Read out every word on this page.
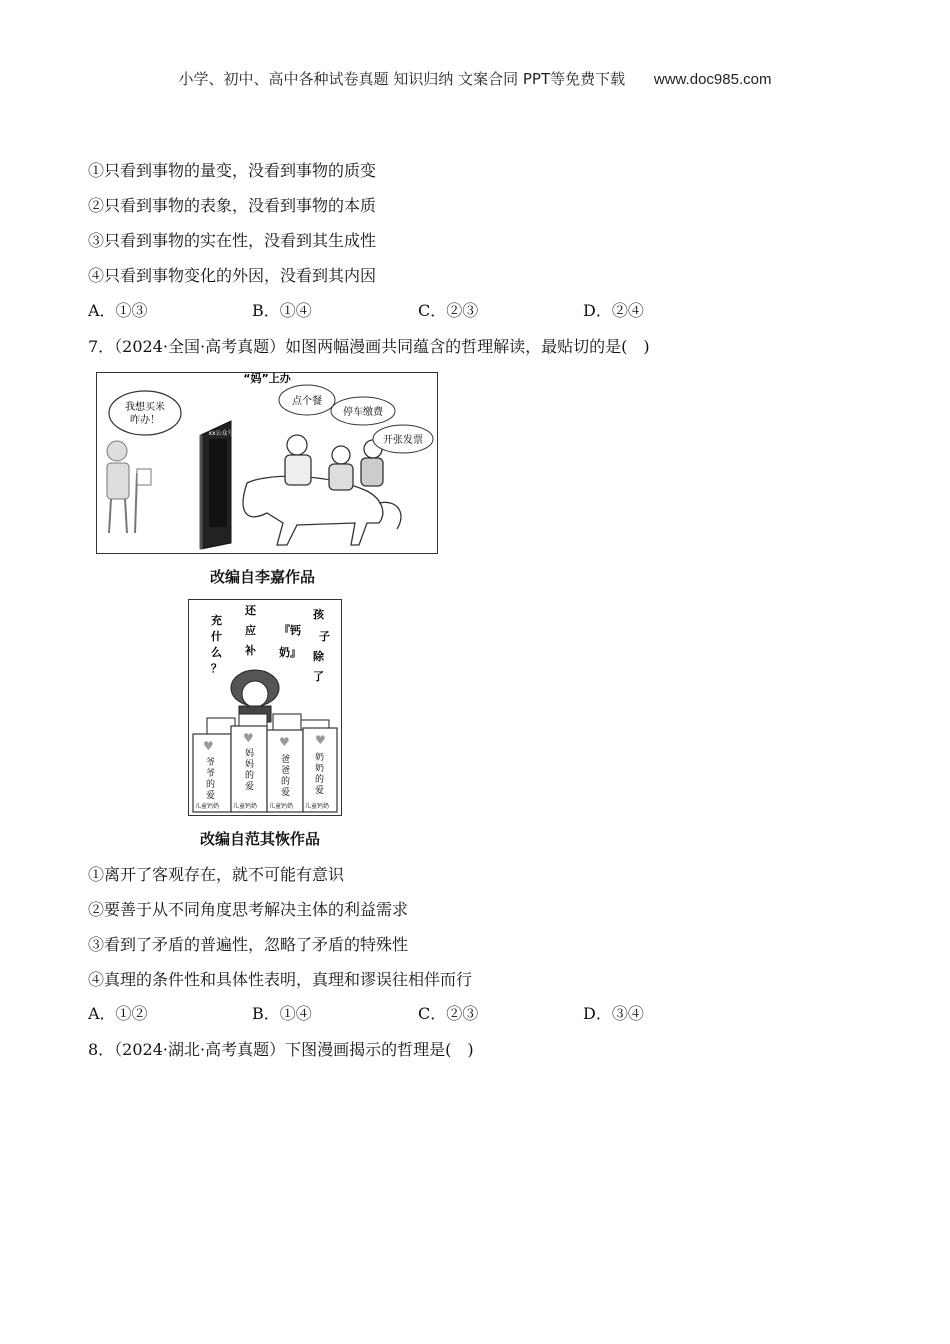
小学、初中、高中各种试卷真题 知识归纳 文案合同 PPT等免费下载 www.doc985.com
①只看到事物的量变，没看到事物的质变
②只看到事物的表象，没看到事物的本质
③只看到事物的实在性，没看到其生成性
④只看到事物变化的外因，没看到其内因
A．①③	B．①④	C．②③	D．②④
7．（2024·全国·高考真题）如图两幅漫画共同蕴含的哲理解读，最贴切的是(　)
“妈”上办
我想买米
咋办！
xx公众号
点个餐
停车缴费
开张发票
改编自李嘉作品
充
什
么
？
还
应
补
『钙
奶』
孩
子
除
了
♥
♥ ♥ ♥
爷
爷
的
爱
妈
妈
的
爱
爸
爸
的
爱
奶
奶
的
爱
儿童钙奶 儿童钙奶 儿童钙奶 儿童钙奶
改编自范其恢作品
①离开了客观存在，就不可能有意识
②要善于从不同角度思考解决主体的利益需求
③看到了矛盾的普遍性，忽略了矛盾的特殊性
④真理的条件性和具体性表明，真理和谬误往相伴而行
A．①②	B．①④	C．②③	D．③④
8．（2024·湖北·高考真题）下图漫画揭示的哲理是(　)
